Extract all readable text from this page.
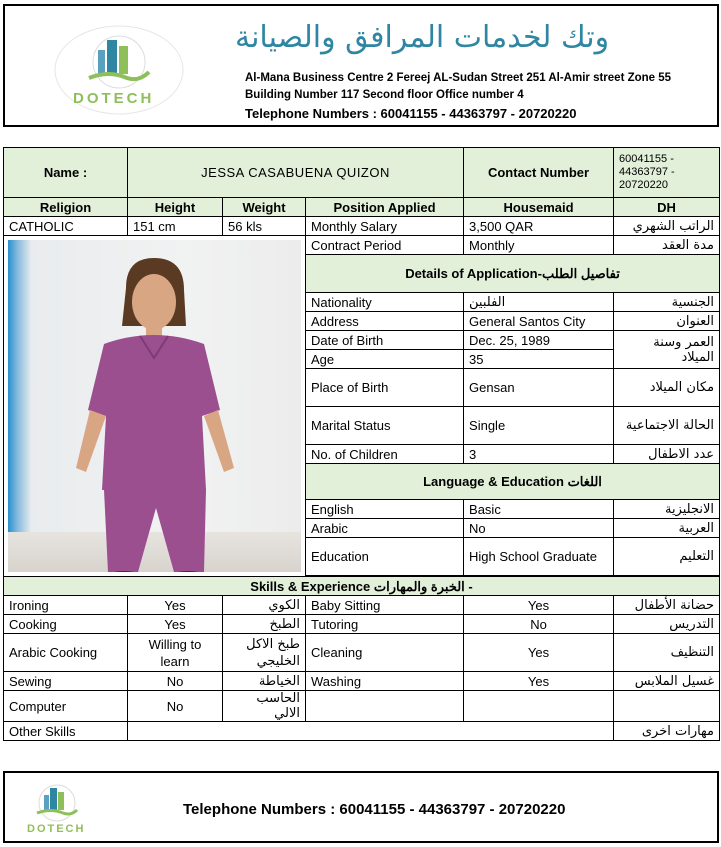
DOTECH
وتك لخدمات المرافق والصيانة
Al-Mana Business Centre 2 Fereej AL-Sudan Street 251 Al-Amir street Zone 55
Building Number 117 Second floor Office number 4
Telephone Numbers : 60041155 - 44363797 - 20720220
Name :	JESSA CASABUENA QUIZON			Contact Number	60041155 - 44363797 - 20720220
Religion	Height	Weight	Position Applied	Housemaid	DH
CATHOLIC	151 cm	56 kls	Monthly Salary	3,500 QAR	الراتب الشهري

	Contract Period	Monthly	مدة العقد
			Details of Application-تفاصيل الطلب		
			Nationality	الفلبين	الجنسية
			Address	General Santos City	العنوان
			Date of Birth	Dec. 25, 1989	العمر وسنة الميلاد
			Age	35	
			Place of Birth	Gensan	مكان الميلاد
			Marital Status	Single	الحالة الاجتماعية
			No. of Children	3	عدد الاطفال
			Language & Education اللغات		
			English	Basic	الانجليزية
			Arabic	No	العربية
			Education	High School Graduate	التعليم

Skills & Experience الخبرة والمهارات -					
Ironing	Yes	الكوي	Baby Sitting	Yes	حضانة الأطفال
Cooking	Yes	الطبخ	Tutoring	No	التدريس
Arabic Cooking	Willing to learn	طبخ الاكل الخليجي	Cleaning	Yes	التنظيف
Sewing	No	الخياطة	Washing	Yes	غسيل الملابس
Computer	No	الحاسب الالي			
Other Skills					مهارات اخرى
DOTECH
Telephone Numbers : 60041155 - 44363797 - 20720220
